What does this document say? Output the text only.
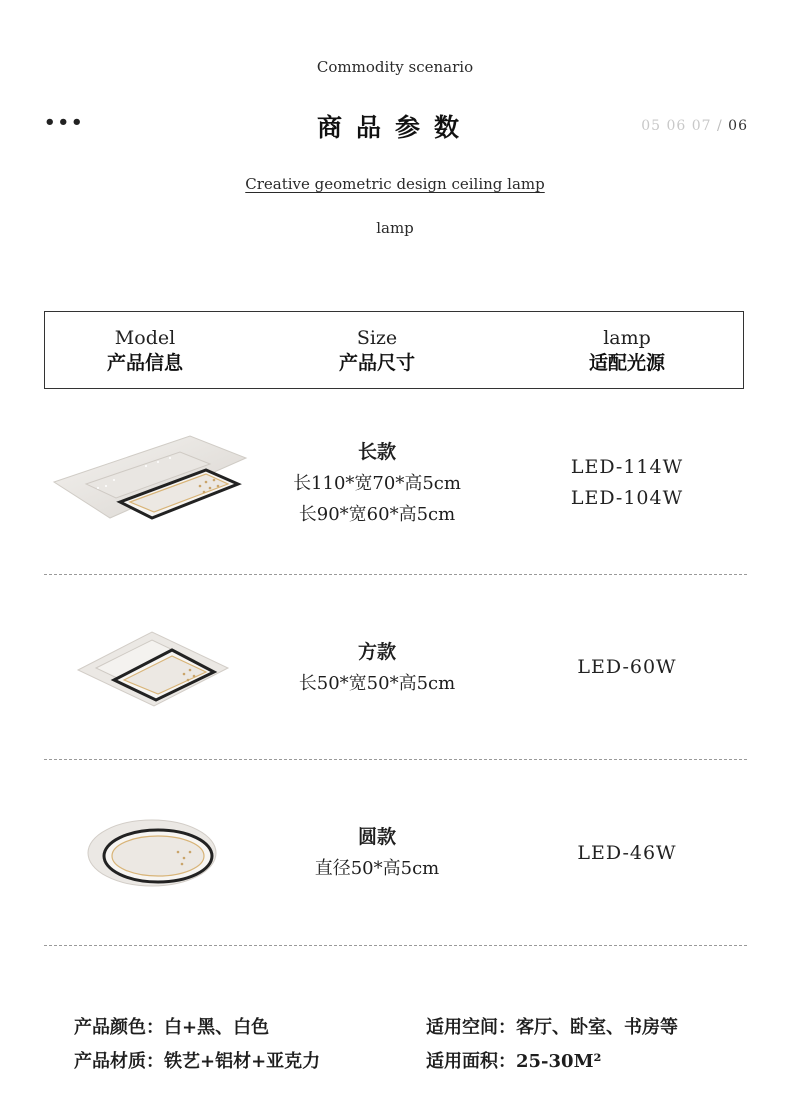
Commodity scenario
•••	商品参数	05 06 07 / 06
Creative geometric design ceiling lamp
lamp
Model
产品信息
Size
产品尺寸
lamp
适配光源
长款
长110*宽70*高5cm
长90*宽60*高5cm
LED-114W
LED-104W
方款
长50*宽50*高5cm
LED-60W
圆款
直径50*高5cm
LED-46W
产品颜色：白+黑、白色
产品材质：铁艺+铝材+亚克力
适用空间：客厅、卧室、书房等
适用面积：25-30M²
